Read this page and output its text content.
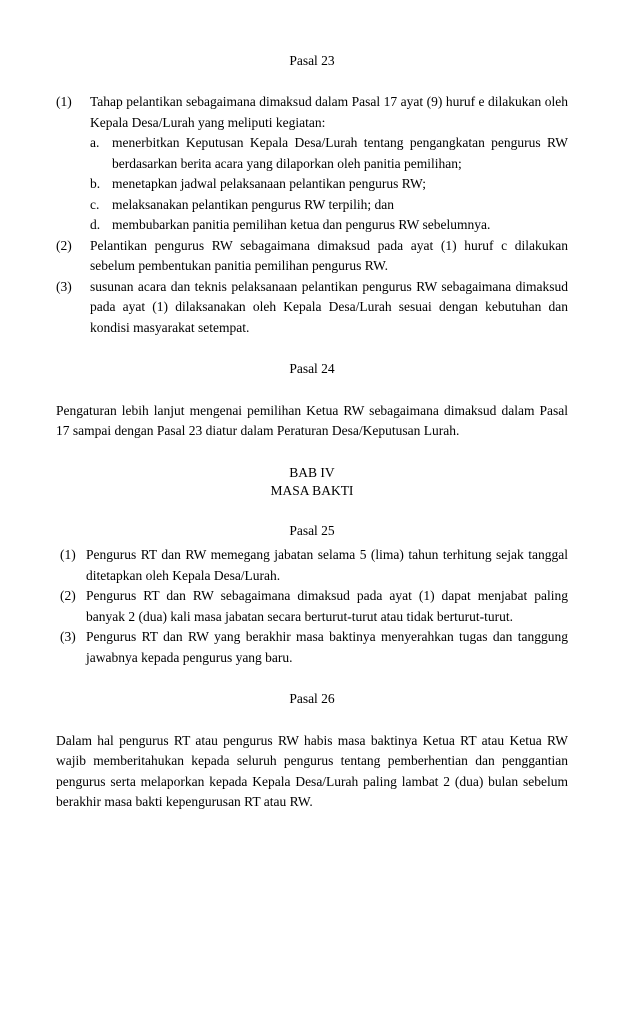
Pasal 23
(1)	Tahap pelantikan sebagaimana dimaksud dalam Pasal 17 ayat (9) huruf e dilakukan oleh Kepala Desa/Lurah yang meliputi kegiatan:
a. menerbitkan Keputusan Kepala Desa/Lurah tentang pengangkatan pengurus RW berdasarkan berita acara yang dilaporkan oleh panitia pemilihan;
b. menetapkan jadwal pelaksanaan pelantikan pengurus RW;
c. melaksanakan pelantikan pengurus RW terpilih; dan
d. membubarkan panitia pemilihan ketua dan pengurus RW sebelumnya.
(2)	Pelantikan pengurus RW sebagaimana dimaksud pada ayat (1) huruf c dilakukan sebelum pembentukan panitia pemilihan pengurus RW.
(3)	susunan acara dan teknis pelaksanaan pelantikan pengurus RW sebagaimana dimaksud pada ayat (1) dilaksanakan oleh Kepala Desa/Lurah sesuai dengan kebutuhan dan kondisi masyarakat setempat.
Pasal 24

Pengaturan lebih lanjut mengenai pemilihan Ketua RW sebagaimana dimaksud dalam Pasal 17 sampai dengan Pasal 23 diatur dalam Peraturan Desa/Keputusan Lurah.

BAB IV
MASA BAKTI
Pasal 25
(1) Pengurus RT dan RW memegang jabatan selama 5 (lima) tahun terhitung sejak tanggal ditetapkan oleh Kepala Desa/Lurah.
(2) Pengurus RT dan RW sebagaimana dimaksud pada ayat (1) dapat menjabat paling banyak 2 (dua) kali masa jabatan secara berturut-turut atau tidak berturut-turut.
(3) Pengurus RT dan RW yang berakhir masa baktinya menyerahkan tugas dan tanggung jawabnya kepada pengurus yang baru.
Pasal 26

Dalam hal pengurus RT atau pengurus RW habis masa baktinya Ketua RT atau Ketua RW wajib memberitahukan kepada seluruh pengurus tentang pemberhentian dan penggantian pengurus serta melaporkan kepada Kepala Desa/Lurah paling lambat 2 (dua) bulan sebelum berakhir masa bakti kepengurusan RT atau RW.
